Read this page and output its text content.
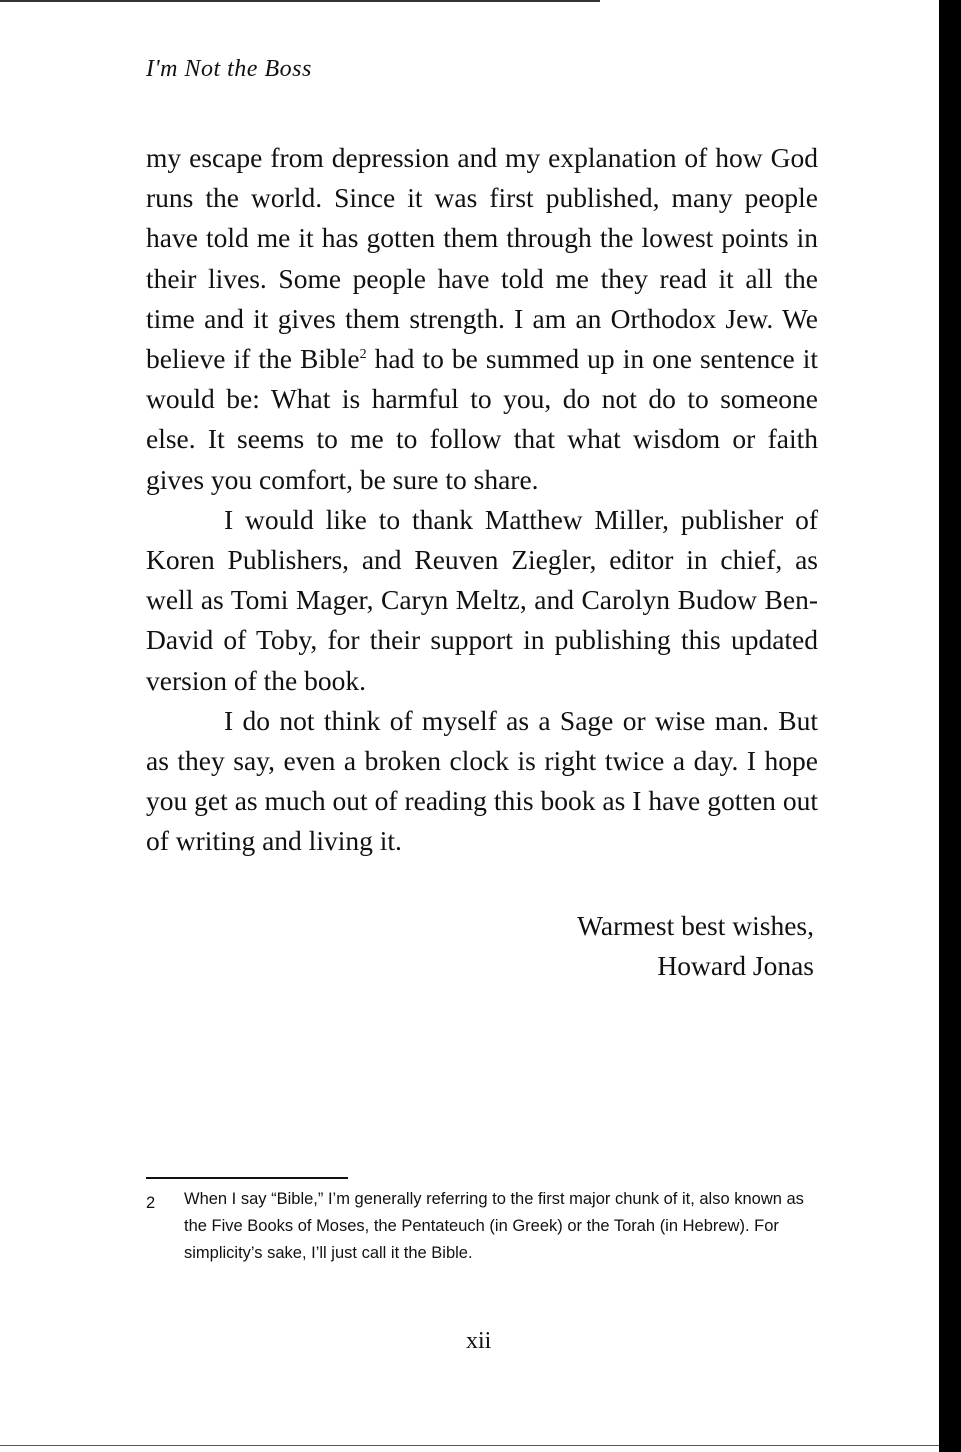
I'm Not the Boss

my escape from depression and my explanation of how God runs the world. Since it was first published, many people have told me it has gotten them through the lowest points in their lives. Some people have told me they read it all the time and it gives them strength. I am an Orthodox Jew. We believe if the Bible$^2$ had to be summed up in one sentence it would be: What is harmful to you, do not do to someone else. It seems to me to follow that what wisdom or faith gives you comfort, be sure to share.

I would like to thank Matthew Miller, publisher of Koren Publishers, and Reuven Ziegler, editor in chief, as well as Tomi Mager, Caryn Meltz, and Carolyn Budow Ben-David of Toby, for their support in publishing this updated version of the book.

I do not think of myself as a Sage or wise man. But as they say, even a broken clock is right twice a day. I hope you get as much out of reading this book as I have gotten out of writing and living it.

Warmest best wishes,
Howard Jonas
2 When I say “Bible,” I’m generally referring to the first major chunk of it, also known as the Five Books of Moses, the Pentateuch (in Greek) or the Torah (in Hebrew). For simplicity’s sake, I’ll just call it the Bible.
xii
